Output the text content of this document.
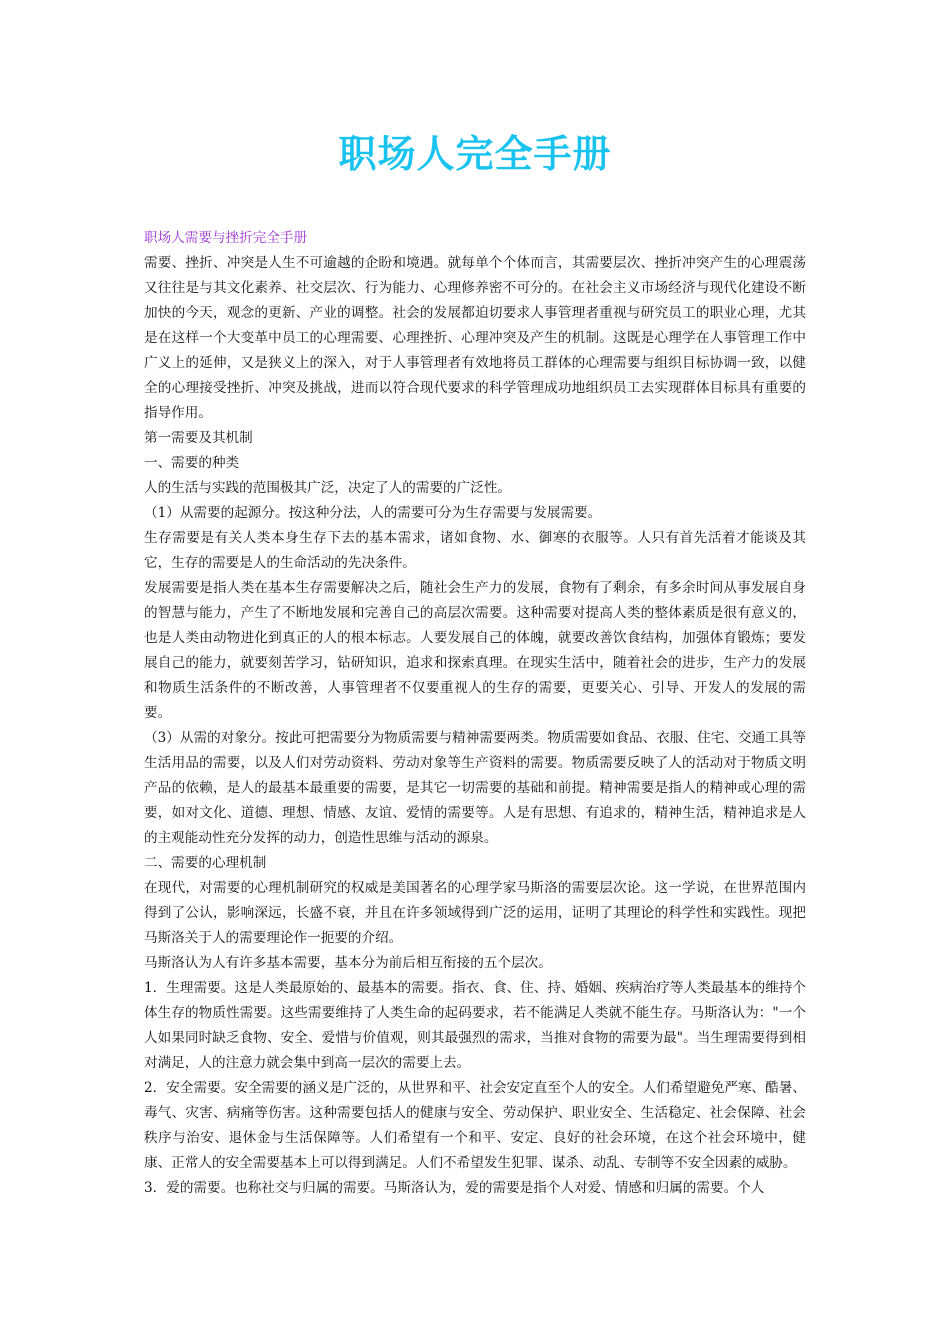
职场人完全手册

职场人需要与挫折完全手册

需要、挫折、冲突是人生不可逾越的企盼和境遇。就每单个个体而言，其需要层次、挫折冲突产生的心理震荡又往往是与其文化素养、社交层次、行为能力、心理修养密不可分的。在社会主义市场经济与现代化建设不断加快的今天，观念的更新、产业的调整。社会的发展都迫切要求人事管理者重视与研究员工的职业心理，尤其是在这样一个大变革中员工的心理需要、心理挫折、心理冲突及产生的机制。这既是心理学在人事管理工作中广义上的延伸，又是狭义上的深入，对于人事管理者有效地将员工群体的心理需要与组织目标协调一致，以健全的心理接受挫折、冲突及挑战，进而以符合现代要求的科学管理成功地组织员工去实现群体目标具有重要的指导作用。

第一需要及其机制

一、需要的种类

人的生活与实践的范围极其广泛，决定了人的需要的广泛性。

（1）从需要的起源分。按这种分法，人的需要可分为生存需要与发展需要。

生存需要是有关人类本身生存下去的基本需求，诸如食物、水、御寒的衣服等。人只有首先活着才能谈及其它，生存的需要是人的生命活动的先决条件。

发展需要是指人类在基本生存需要解决之后，随社会生产力的发展，食物有了剩余，有多余时间从事发展自身的智慧与能力，产生了不断地发展和完善自己的高层次需要。这种需要对提高人类的整体素质是很有意义的，也是人类由动物进化到真正的人的根本标志。人要发展自己的体魄，就要改善饮食结构，加强体育锻炼；要发展自己的能力，就要刻苦学习，钻研知识，追求和探索真理。在现实生活中，随着社会的进步，生产力的发展和物质生活条件的不断改善，人事管理者不仅要重视人的生存的需要，更要关心、引导、开发人的发展的需要。

（3）从需的对象分。按此可把需要分为物质需要与精神需要两类。物质需要如食品、衣服、住宅、交通工具等生活用品的需要，以及人们对劳动资料、劳动对象等生产资料的需要。物质需要反映了人的活动对于物质文明产品的依赖，是人的最基本最重要的需要，是其它一切需要的基础和前提。精神需要是指人的精神或心理的需要，如对文化、道德、理想、情感、友谊、爱情的需要等。人是有思想、有追求的，精神生活，精神追求是人的主观能动性充分发挥的动力，创造性思维与活动的源泉。

二、需要的心理机制

在现代，对需要的心理机制研究的权威是美国著名的心理学家马斯洛的需要层次论。这一学说，在世界范围内得到了公认，影响深远，长盛不衰，并且在许多领域得到广泛的运用，证明了其理论的科学性和实践性。现把马斯洛关于人的需要理论作一扼要的介绍。

马斯洛认为人有许多基本需要，基本分为前后相互衔接的五个层次。

1．生理需要。这是人类最原始的、最基本的需要。指衣、食、住、持、婚姻、疾病治疗等人类最基本的维持个体生存的物质性需要。这些需要维持了人类生命的起码要求，若不能满足人类就不能生存。马斯洛认为："一个人如果同时缺乏食物、安全、爱惜与价值观，则其最强烈的需求，当推对食物的需要为最"。当生理需要得到相对满足，人的注意力就会集中到高一层次的需要上去。

2．安全需要。安全需要的涵义是广泛的，从世界和平、社会安定直至个人的安全。人们希望避免严寒、酷暑、毒气、灾害、病痛等伤害。这种需要包括人的健康与安全、劳动保护、职业安全、生活稳定、社会保障、社会秩序与治安、退休金与生活保障等。人们希望有一个和平、安定、良好的社会环境，在这个社会环境中，健康、正常人的安全需要基本上可以得到满足。人们不希望发生犯罪、谋杀、动乱、专制等不安全因素的威胁。

3．爱的需要。也称社交与归属的需要。马斯洛认为，爱的需要是指个人对爱、情感和归属的需要。个人
